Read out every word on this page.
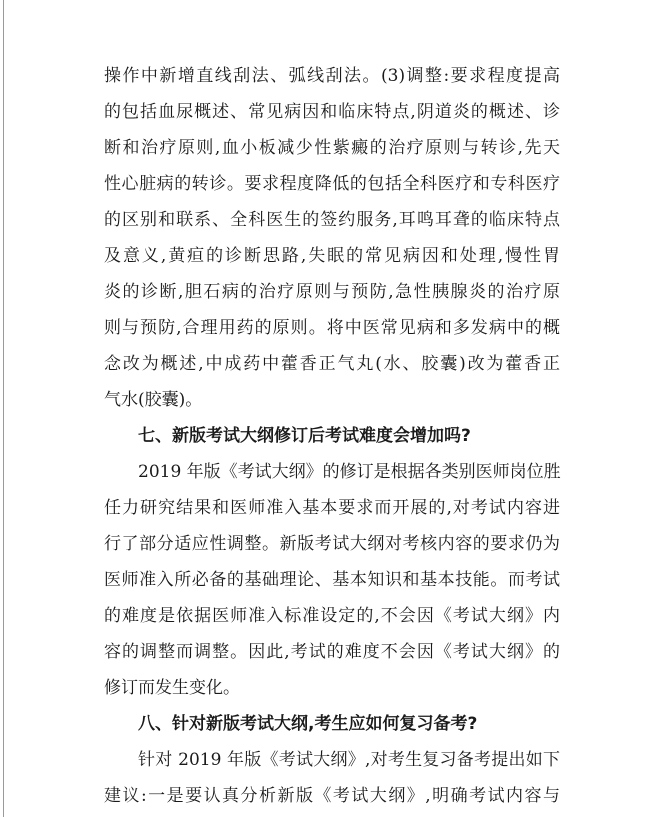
操作中新增直线刮法、弧线刮法。(3)调整:要求程度提高
的包括血尿概述、常见病因和临床特点,阴道炎的概述、诊
断和治疗原则,血小板减少性紫癜的治疗原则与转诊,先天
性心脏病的转诊。要求程度降低的包括全科医疗和专科医疗
的区别和联系、全科医生的签约服务,耳鸣耳聋的临床特点
及意义,黄疸的诊断思路,失眠的常见病因和处理,慢性胃
炎的诊断,胆石病的治疗原则与预防,急性胰腺炎的治疗原
则与预防,合理用药的原则。将中医常见病和多发病中的概
念改为概述,中成药中藿香正气丸(水、胶囊)改为藿香正
气水(胶囊)。
七、新版考试大纲修订后考试难度会增加吗?
2019 年版《考试大纲》的修订是根据各类别医师岗位胜
任力研究结果和医师准入基本要求而开展的,对考试内容进
行了部分适应性调整。新版考试大纲对考核内容的要求仍为
医师准入所必备的基础理论、基本知识和基本技能。而考试
的难度是依据医师准入标准设定的,不会因《考试大纲》内
容的调整而调整。因此,考试的难度不会因《考试大纲》的
修订而发生变化。
八、针对新版考试大纲,考生应如何复习备考?
针对 2019 年版《考试大纲》,对考生复习备考提出如下
建议:一是要认真分析新版《考试大纲》,明确考试内容与
